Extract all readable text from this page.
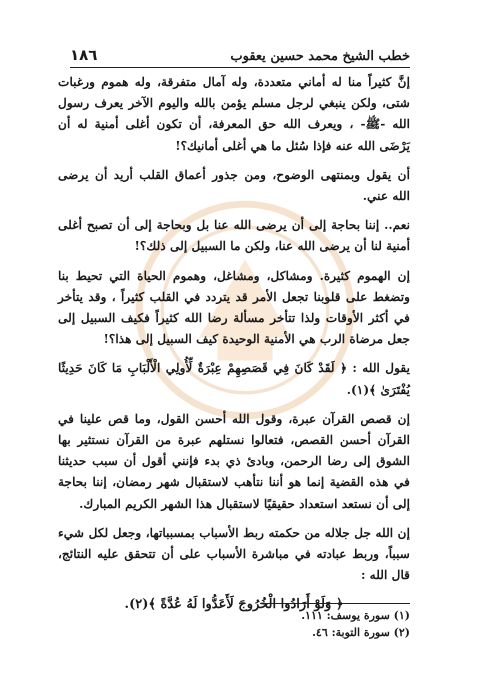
خطب الشيخ محمد حسين يعقوب
١٨٦

إنَّ كثيراً منا له أماني متعددة، وله آمال متفرقة، وله هموم ورغبات شتى، ولكن ينبغي لرجل مسلم يؤمن بالله واليوم الآخر يعرف رسول الله -ﷺ- ، ويعرف الله حق المعرفة، أن تكون أغلى أمنية له أن يَرْضَى الله عنه فإذا سُئل ما هي أغلى أمانيك؟!

أن يقول وبمنتهى الوضوح، ومن جذور أعماق القلب أريد أن يرضى الله عني.

نعم.. إننا بحاجة إلى أن يرضى الله عنا بل وبحاجة إلى أن تصبح أغلى أمنية لنا أن يرضى الله عنا، ولكن ما السبيل إلى ذلك؟!

إن الهموم كثيرة. ومشاكل، ومشاغل، وهموم الحياة التي تحيط بنا وتضغط على قلوبنا تجعل الأمر قد يتردد في القلب كثيراً ، وقد يتأخر في أكثر الأوقات ولذا تتأخر مسألة رضا الله كثيراً فكيف السبيل إلى جعل مرضاة الرب هي الأمنية الوحيدة كيف السبيل إلى هذا؟!

يقول الله : ﴿ لَقَدْ كَانَ فِي قَصَصِهِمْ عِبْرَةٌ لِّأُولِي الْأَلْبَابِ مَا كَانَ حَدِيثًا يُفْتَرَىٰ ﴾(١).

إن قصص القرآن عبرة، وقول الله أحسن القول، وما قص علينا في القرآن أحسن القصص، فتعالوا نستلهم عبرة من القرآن نستثير بها الشوق إلى رضا الرحمن، وبادئ ذي بدء فإنني أقول أن سبب حديثنا في هذه القضية إنما هو أننا نتأهب لاستقبال شهر رمضان، إننا بحاجة إلى أن نستعد استعداد حقيقيًا لاستقبال هذا الشهر الكريم المبارك.

إن الله جل جلاله من حكمته ربط الأسباب بمسبباتها، وجعل لكل شيء سبباً، وربط عبادته في مباشرة الأسباب على أن تتحقق عليه النتائج، قال الله :

﴿ وَلَوْ أَرَادُوا الْخُرُوجَ لَأَعَدُّوا لَهُ عُدَّةً ﴾(٢).

(١) سورة يوسف: ١١١.
(٢) سورة التوبة: ٤٦.
